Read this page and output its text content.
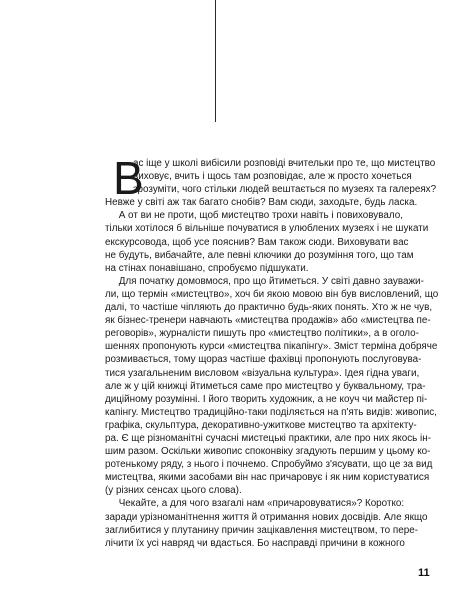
В
ас іще у школі вибісили розповіді вчительки про те, що мистецтво
виховує, вчить і щось там розповідає, але ж просто хочеться
зрозуміти, чого стільки людей вештається по музеях та галереях?
Невже у світі аж так багато снобів? Вам сюди, заходьте, будь ласка.
А от ви не проти, щоб мистецтво трохи навіть і повиховувало,
тільки хотілося б вільніше почуватися в улюблених музеях і не шукати
екскурсовода, щоб усе пояснив? Вам також сюди. Виховувати вас
не будуть, вибачайте, але певні ключики до розуміння того, що там
на стінах понавішано, спробуємо підшукати.
Для початку домовмося, про що йтиметься. У світі давно зауважи-
ли, що термін «мистецтво», хоч би якою мовою він був висловлений, що
далі, то частіше чіпляють до практично будь-яких понять. Хто ж не чув,
як бізнес-тренери навчають «мистецтва продажів» або «мистецтва пе-
реговорів», журналісти пишуть про «мистецтво політики», а в оголо-
шеннях пропонують курси «мистецтва пікапінгу». Зміст терміна добряче
розмивається, тому щораз частіше фахівці пропонують послуговува-
тися узагальненим висловом «візуальна культура». Ідея гідна уваги,
але ж у цій книжці йтиметься саме про мистецтво у буквальному, тра-
диційному розумінні. І його творить художник, а не коуч чи майстер пі-
капінгу. Мистецтво традиційно-таки поділяється на п'ять видів: живопис,
графіка, скульптура, декоративно-ужиткове мистецтво та архітекту-
ра. Є ще різноманітні сучасні мистецькі практики, але про них якось ін-
шим разом. Оскільки живопис споконвіку згадують першим у цьому ко-
ротенькому ряду, з нього і почнемо. Спробуймо з'ясувати, що це за вид
мистецтва, якими засобами він нас причаровує і як ним користуватися
(у різних сенсах цього слова).
Чекайте, а для чого взагалі нам «причаровуватися»? Коротко:
заради урізноманітнення життя й отримання нових досвідів. Але якщо
заглибитися у плутанину причин зацікавлення мистецтвом, то пере-
лічити їх усі навряд чи вдасться. Бо насправді причини в кожного
11
